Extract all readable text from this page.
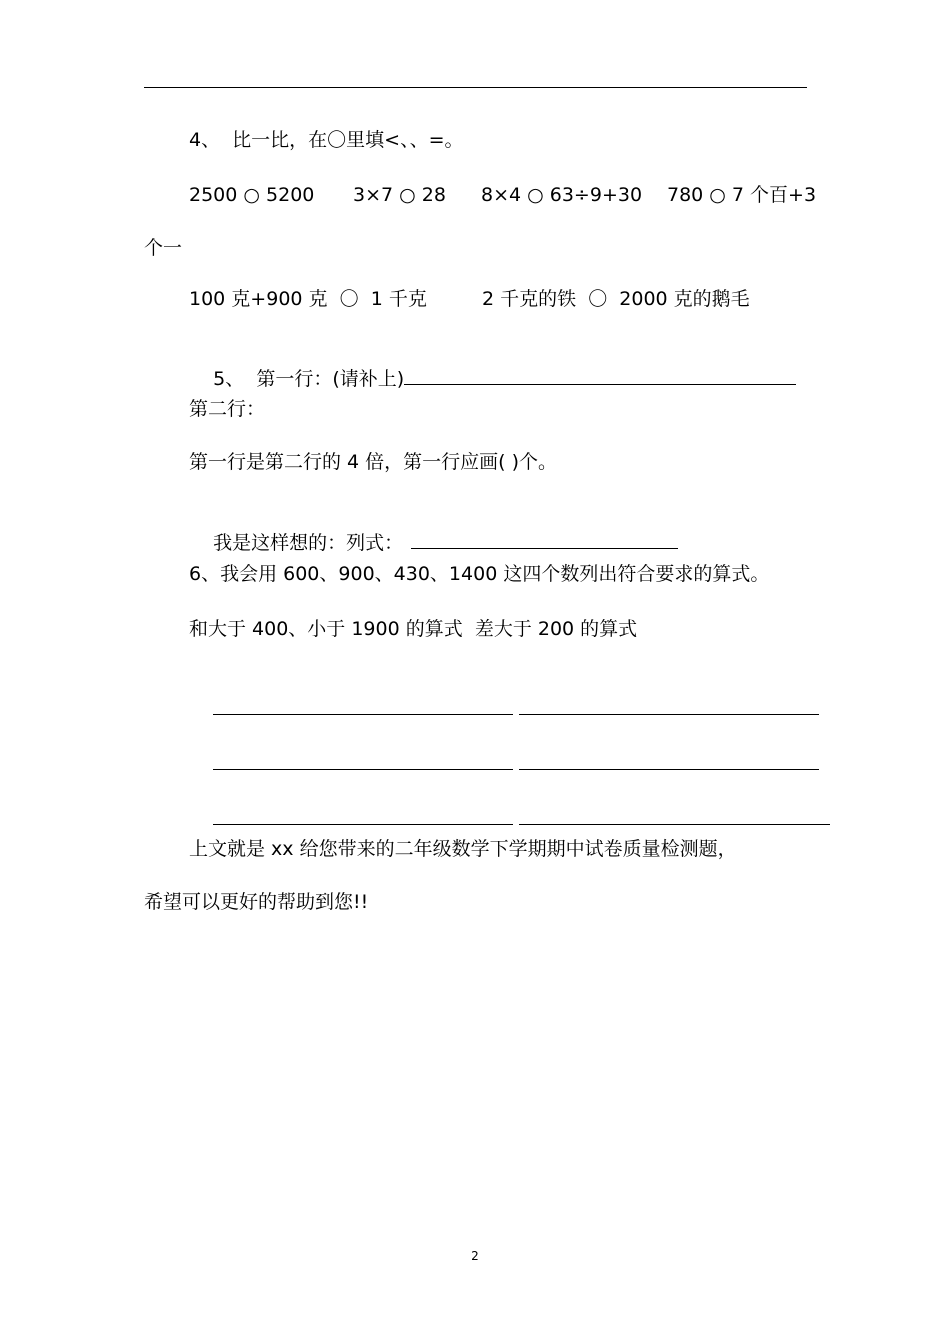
4、  比一比，在〇里填<、、=。
2500 ○ 5200 3×7 ○ 28 8×4 ○ 63÷9+30 780 ○ 7 个百+3
个一
100 克+900 克  〇  1 千克	2 千克的铁  〇  2000 克的鹅毛

5、  第一行：(请补上)

第二行：
第一行是第二行的 4 倍，第一行应画( )个。

我是这样想的：列式：

6、我会用 600、900、430、1400 这四个数列出符合要求的算式。
和大于 400、小于 1900 的算式  差大于 200 的算式

上文就是 xx 给您带来的二年级数学下学期期中试卷质量检测题，
希望可以更好的帮助到您!!
2
